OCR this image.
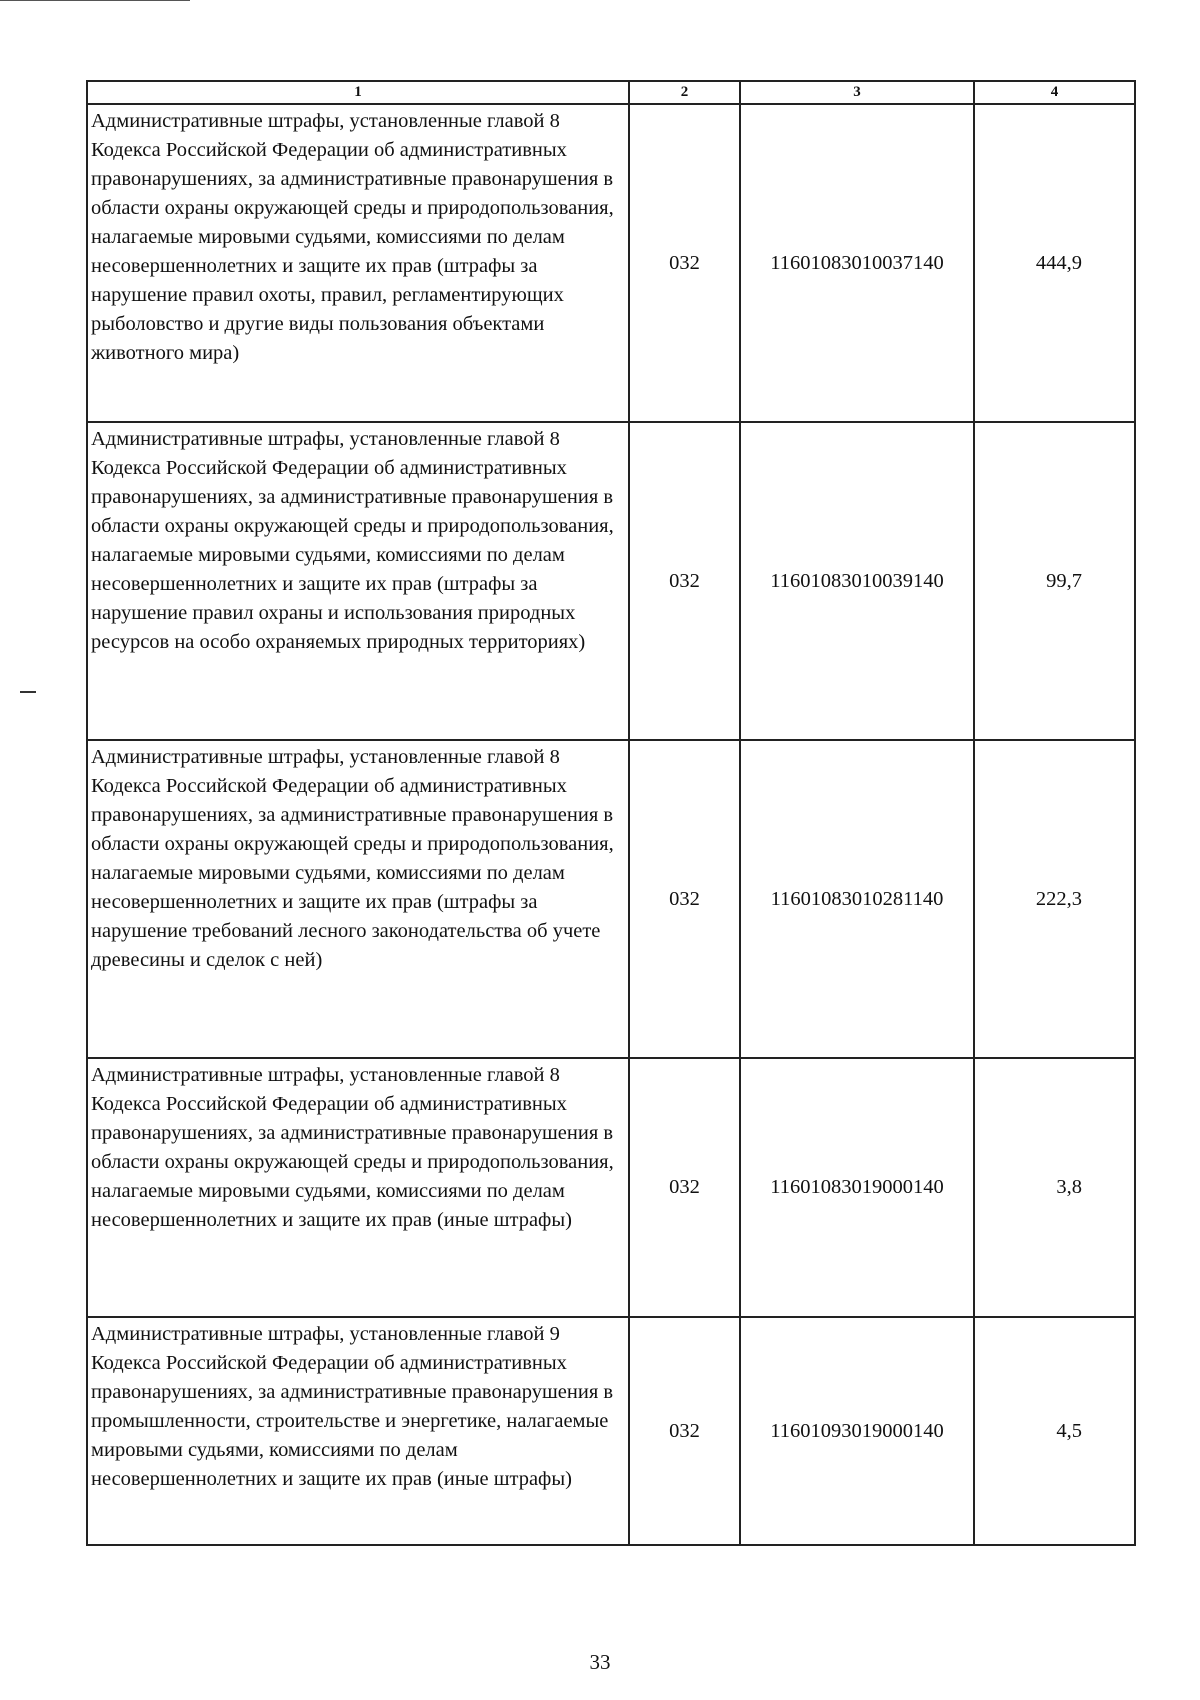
1	2	3	4
Административные штрафы, установленные главой 8 Кодекса Российской Федерации об административных правонарушениях, за административные правонарушения в области охраны окружающей среды и природопользования, налагаемые мировыми судьями, комиссиями по делам несовершеннолетних и защите их прав (штрафы за нарушение правил охоты, правил, регламентирующих рыболовство и другие виды пользования объектами животного мира)	032	11601083010037140	444,9
Административные штрафы, установленные главой 8 Кодекса Российской Федерации об административных правонарушениях, за административные правонарушения в области охраны окружающей среды и природопользования, налагаемые мировыми судьями, комиссиями по делам несовершеннолетних и защите их прав (штрафы за нарушение правил охраны и использования природных ресурсов на особо охраняемых природных территориях)	032	11601083010039140	99,7
Административные штрафы, установленные главой 8 Кодекса Российской Федерации об административных правонарушениях, за административные правонарушения в области охраны окружающей среды и природопользования, налагаемые мировыми судьями, комиссиями по делам несовершеннолетних и защите их прав (штрафы за нарушение требований лесного законодательства об учете древесины и сделок с ней)	032	11601083010281140	222,3
Административные штрафы, установленные главой 8 Кодекса Российской Федерации об административных правонарушениях, за административные правонарушения в области охраны окружающей среды и природопользования, налагаемые мировыми судьями, комиссиями по делам несовершеннолетних и защите их прав (иные штрафы)	032	11601083019000140	3,8
Административные штрафы, установленные главой 9 Кодекса Российской Федерации об административных правонарушениях, за административные правонарушения в промышленности, строительстве и энергетике, налагаемые мировыми судьями, комиссиями по делам несовершеннолетних и защите их прав (иные штрафы)	032	11601093019000140	4,5
33
